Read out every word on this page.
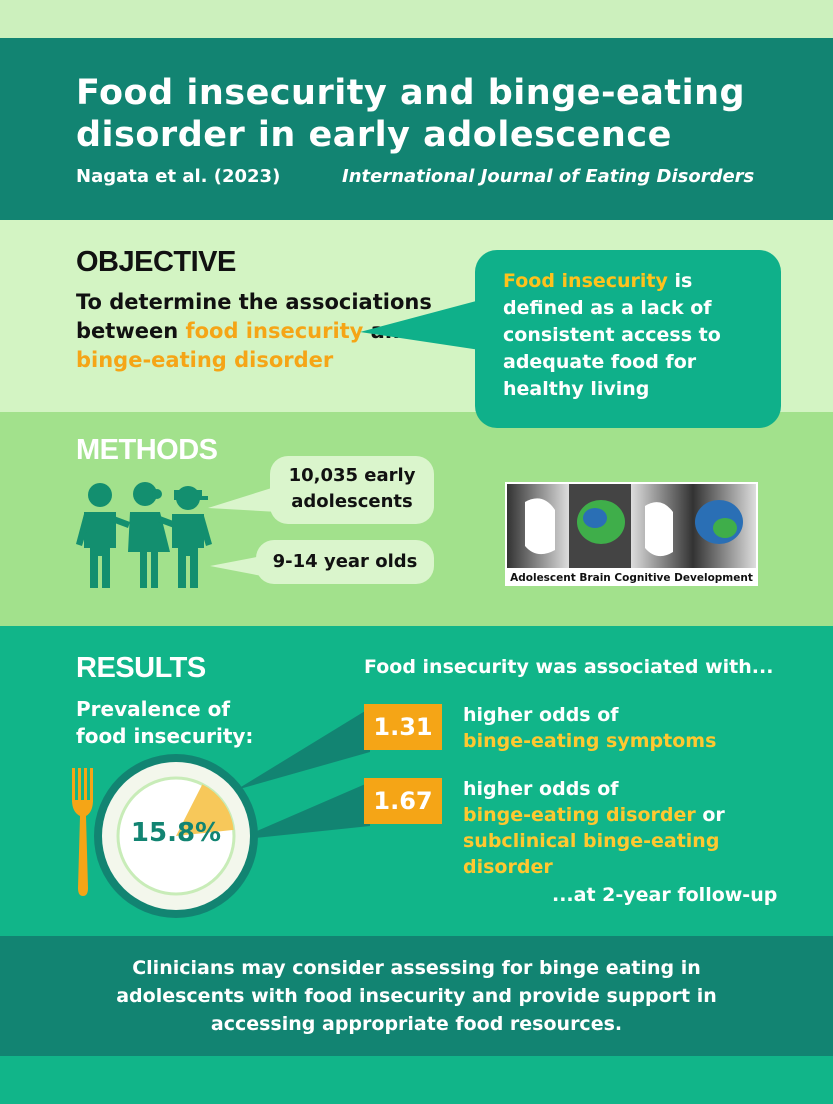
Food insecurity and binge-eating disorder in early adolescence
Nagata et al. (2023)	International Journal of Eating Disorders
OBJECTIVE
To determine the associations between food insecuritybinge-eating disorder
Food insecurity is defined as a lack of consistent access to adequate food for healthy living
METHODS
10,035 early adolescents
9-14 year olds
Adolescent Brain Cognitive Development
RESULTS
Prevalence of food insecurity:
Food insecurity was associated with...
15.8%
1.31	higher odds of
binge-eating symptoms
1.67	higher odds of
binge-eating disorder or
subclinical binge-eating disorder
...at 2-year follow-up
Clinicians may consider assessing for binge eating in adolescents with food insecurity and provide support in accessing appropriate food resources.
